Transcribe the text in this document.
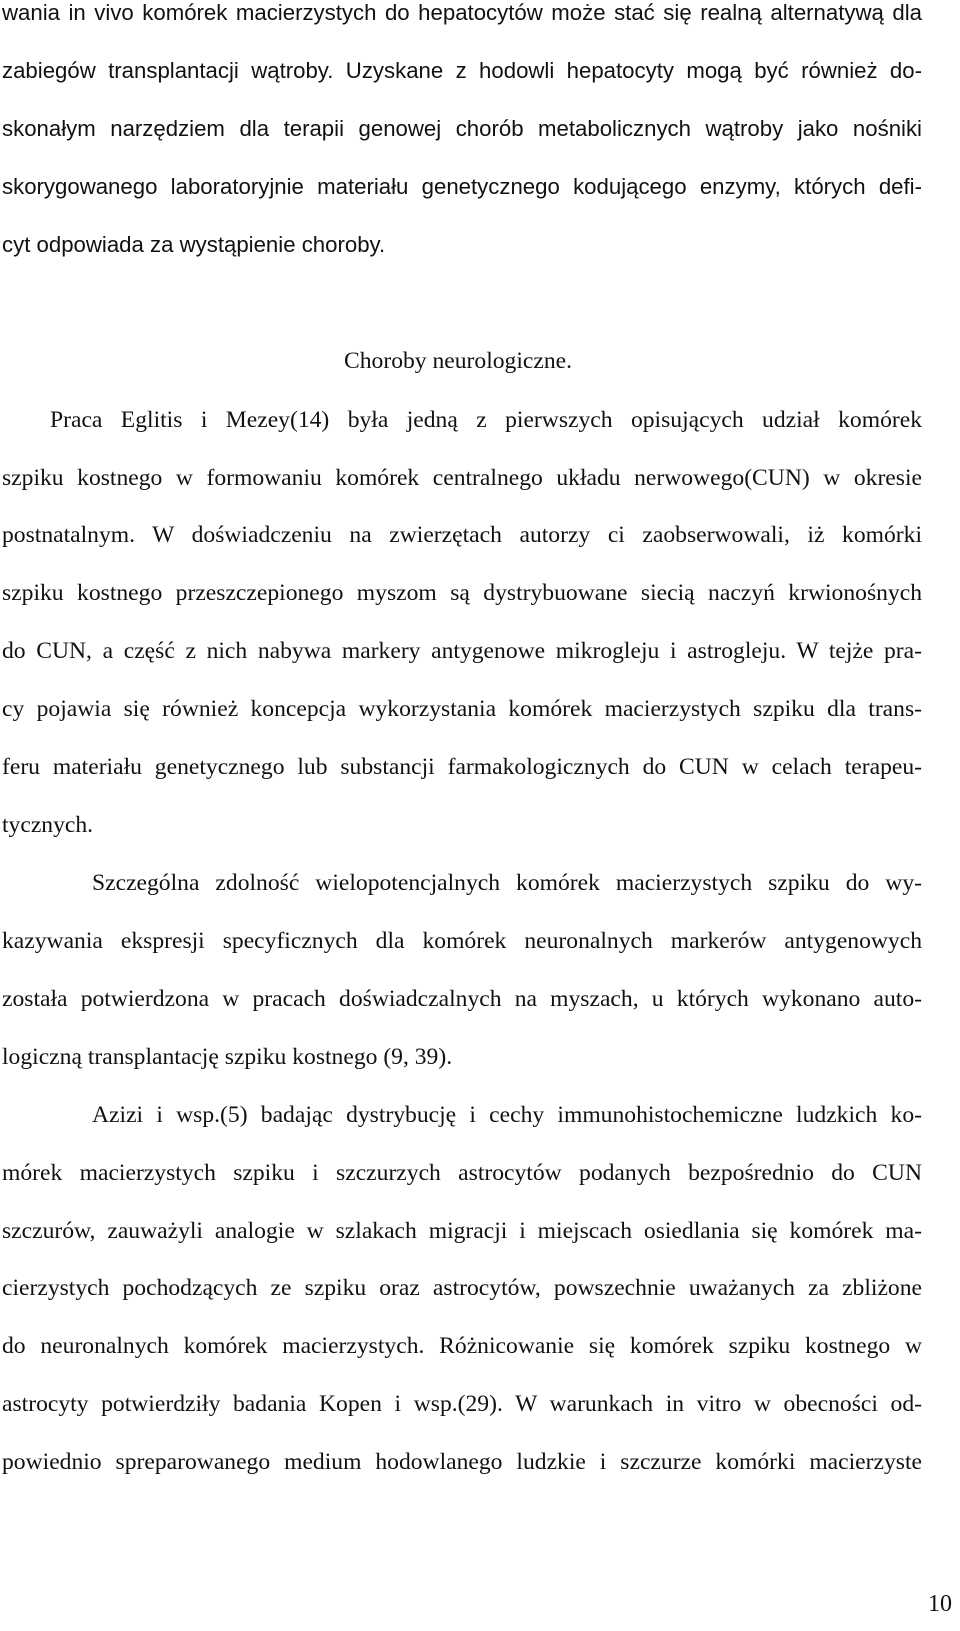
wania in vivo komórek macierzystych do hepatocytów może stać się realną alternatywą dla
zabiegów transplantacji wątroby. Uzyskane z hodowli hepatocyty mogą być również do-
skonałym narzędziem dla terapii genowej chorób metabolicznych wątroby jako nośniki
skorygowanego laboratoryjnie materiału genetycznego kodującego enzymy, których defi-
cyt odpowiada za wystąpienie choroby.
Choroby neurologiczne.
Praca Eglitis i Mezey(14) była jedną z pierwszych opisujących udział komórek
szpiku kostnego w formowaniu komórek centralnego układu nerwowego(CUN) w okresie
postnatalnym. W doświadczeniu na zwierzętach autorzy ci zaobserwowali, iż komórki
szpiku kostnego przeszczepionego myszom są dystrybuowane siecią naczyń krwionośnych
do CUN, a część z nich nabywa markery antygenowe mikrogleju i astrogleju. W tejże pra-
cy pojawia się również koncepcja wykorzystania komórek macierzystych szpiku dla trans-
feru materiału genetycznego lub substancji farmakologicznych do CUN w celach terapeu-
tycznych.
Szczególna zdolność wielopotencjalnych komórek macierzystych szpiku do wy-
kazywania ekspresji specyficznych dla komórek neuronalnych markerów antygenowych
została potwierdzona w pracach doświadczalnych na myszach, u których wykonano auto-
logiczną transplantację szpiku kostnego (9, 39).
Azizi i wsp.(5) badając dystrybucję i cechy immunohistochemiczne ludzkich ko-
mórek macierzystych szpiku i szczurzych astrocytów podanych bezpośrednio do CUN
szczurów, zauważyli analogie w szlakach migracji i miejscach osiedlania się komórek ma-
cierzystych pochodzących ze szpiku oraz astrocytów, powszechnie uważanych za zbliżone
do neuronalnych komórek macierzystych. Różnicowanie się komórek szpiku kostnego w
astrocyty potwierdziły badania Kopen i wsp.(29). W warunkach in vitro w obecności od-
powiednio spreparowanego medium hodowlanego ludzkie i szczurze komórki macierzyste
10
